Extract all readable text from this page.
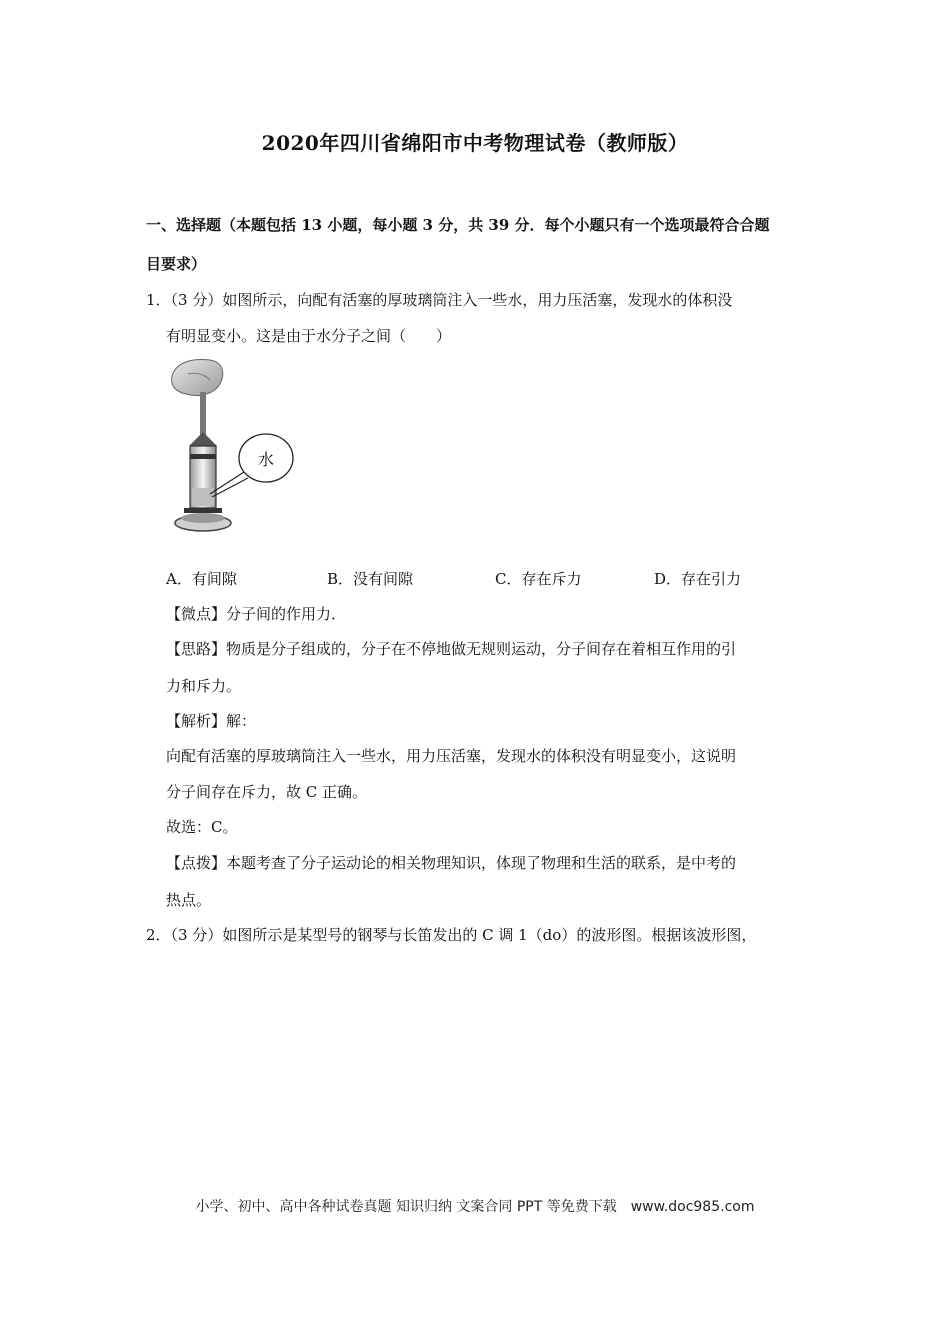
2020年四川省绵阳市中考物理试卷（教师版）
一、选择题（本题包括 13 小题，每小题 3 分，共 39 分．每个小题只有一个选项最符合合题
目要求）
1．（3 分）如图所示，向配有活塞的厚玻璃筒注入一些水，用力压活塞，发现水的体积没
有明显变小。这是由于水分子之间（　　）
水
A．有间隙	B．没有间隙	C．存在斥力	D．存在引力
【微点】分子间的作用力．
【思路】物质是分子组成的，分子在不停地做无规则运动，分子间存在着相互作用的引
力和斥力。
【解析】解：
向配有活塞的厚玻璃筒注入一些水，用力压活塞，发现水的体积没有明显变小，这说明
分子间存在斥力，故 C 正确。
故选：C。
【点拨】本题考查了分子运动论的相关物理知识，体现了物理和生活的联系，是中考的
热点。
2．（3 分）如图所示是某型号的钢琴与长笛发出的 C 调 1（do）的波形图。根据该波形图，
小学、初中、高中各种试卷真题 知识归纳 文案合同 PPT 等免费下载　www.doc985.com
